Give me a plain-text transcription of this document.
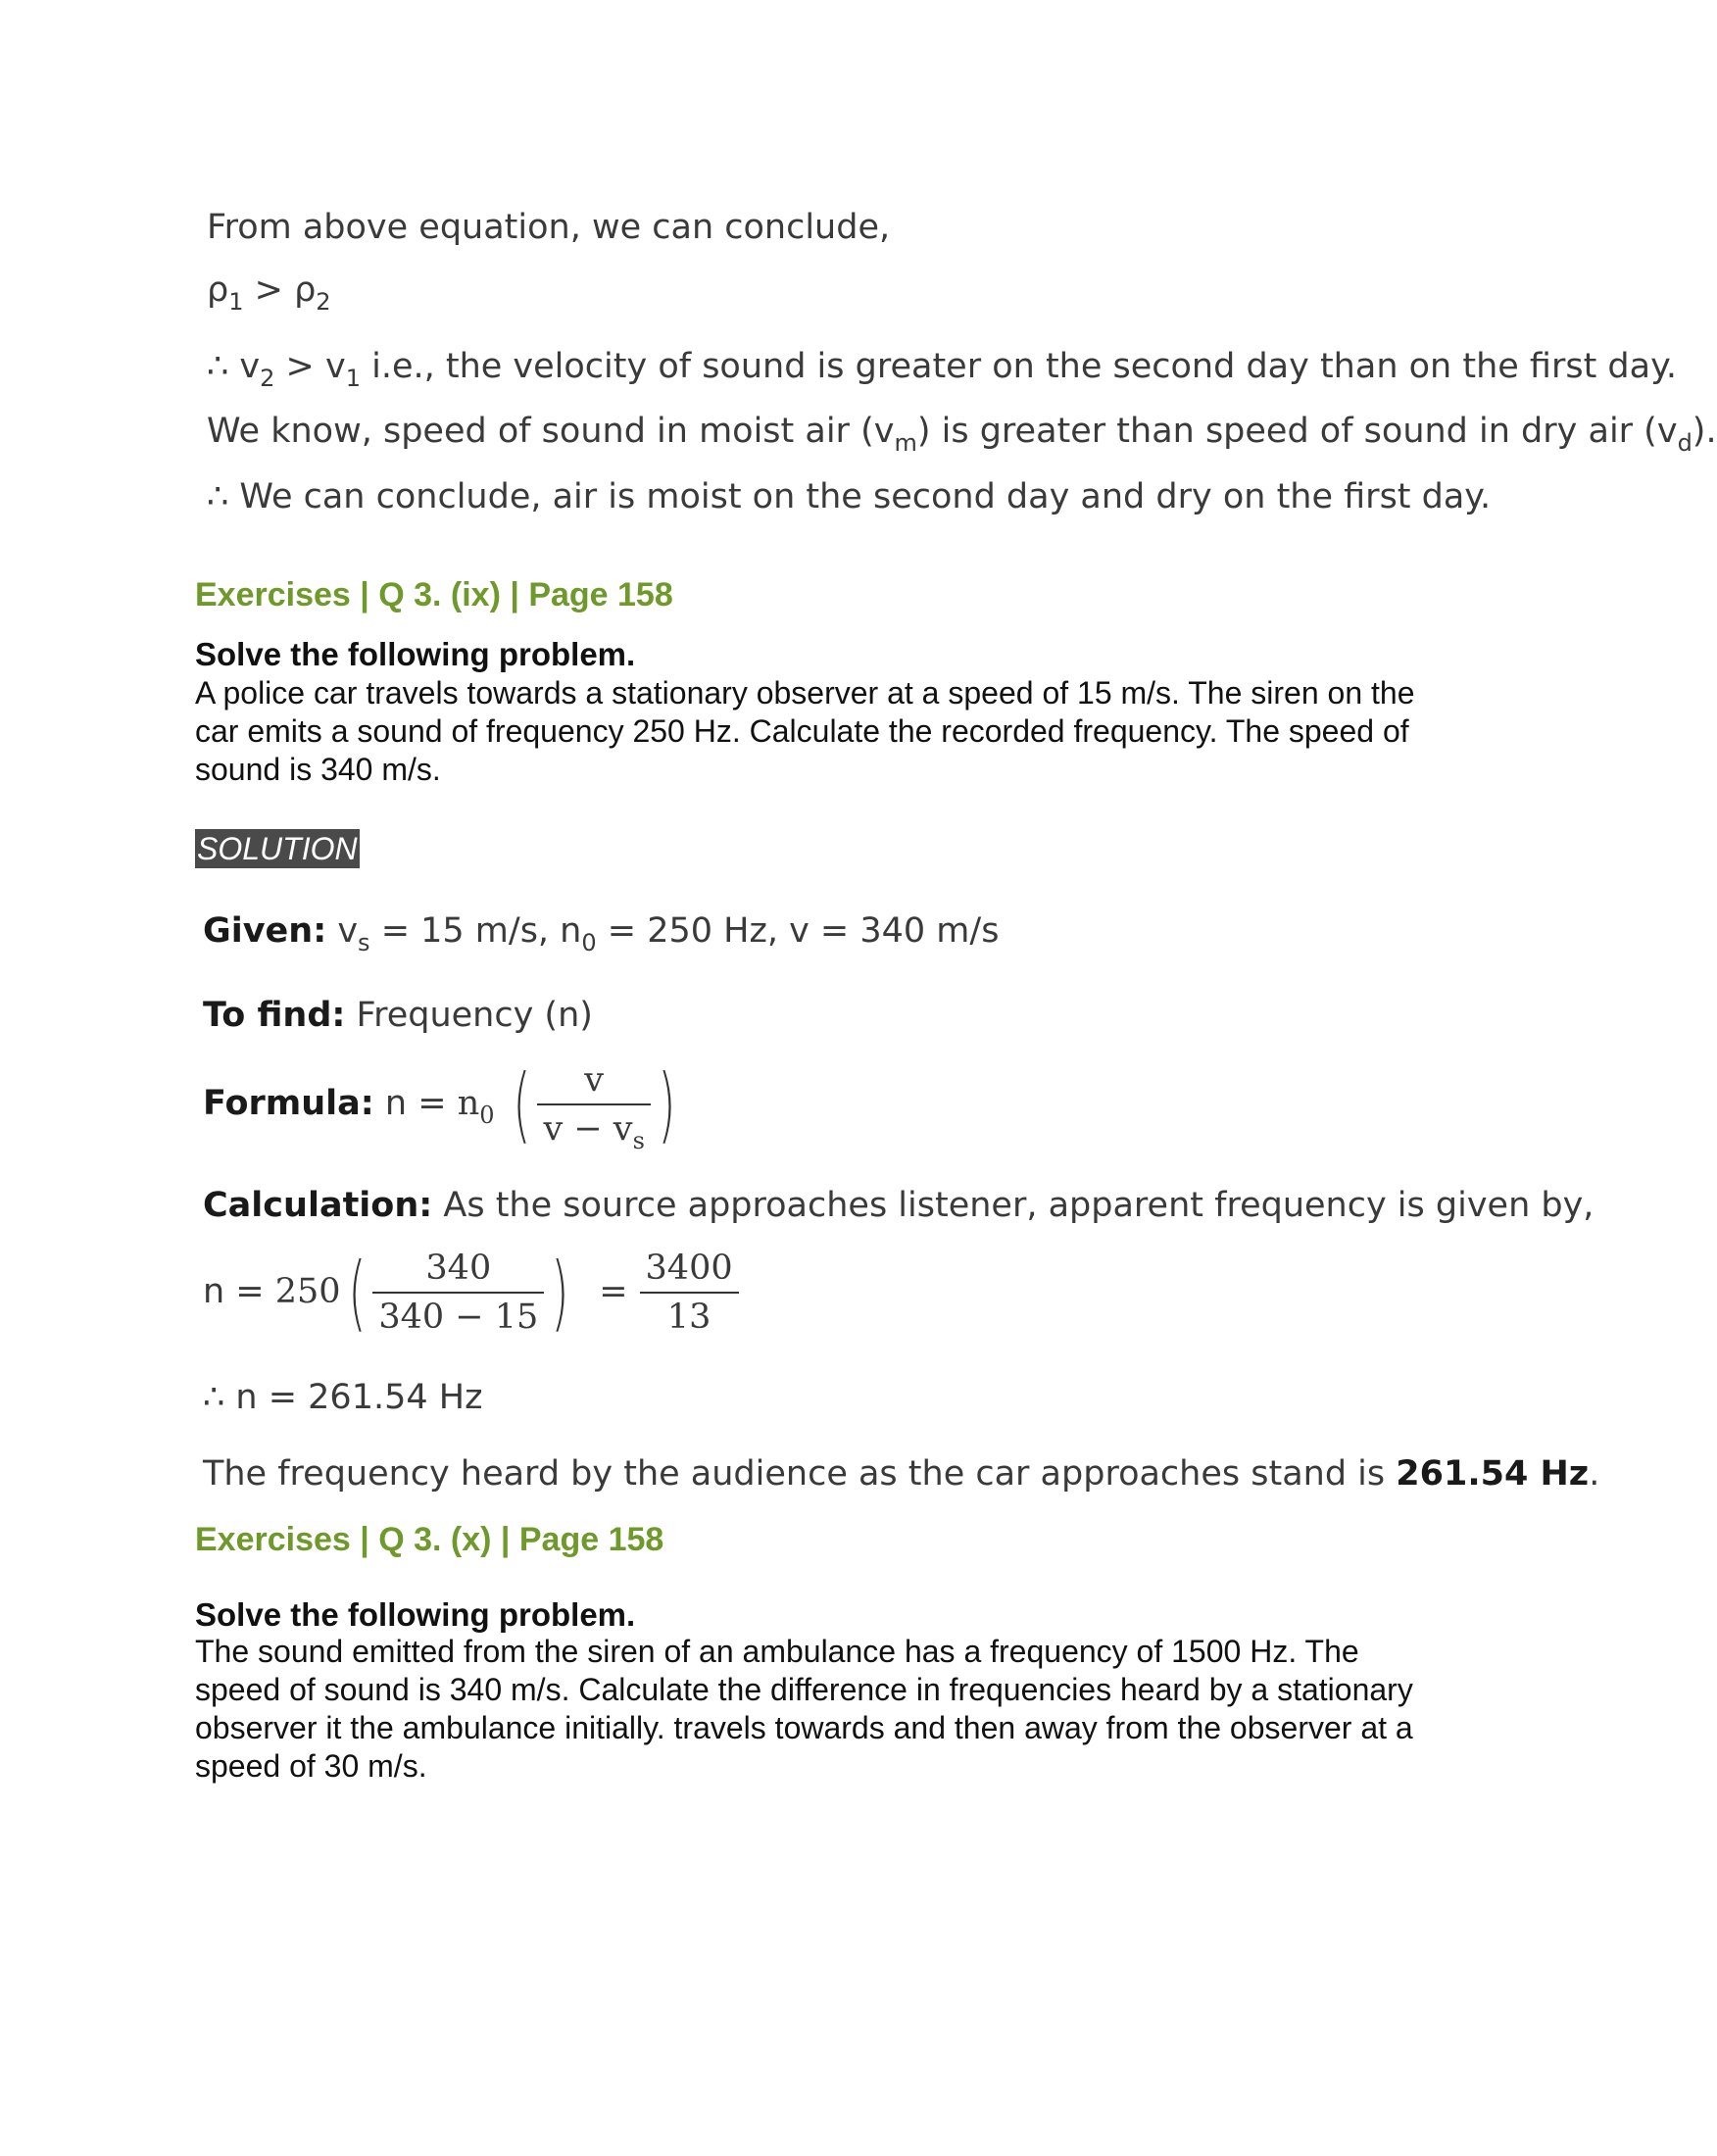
From above equation, we can conclude,
$\rho_1 > \rho_2$
∴ $v_2 > v_1$ i.e., the velocity of sound is greater on the second day than on the first day.
We know, speed of sound in moist air $(v_m)$ is greater than speed of sound in dry air $(v_d)$.
∴ We can conclude, air is moist on the second day and dry on the first day.
Exercises | Q 3. (ix) | Page 158
Solve the following problem.
A police car travels towards a stationary observer at a speed of 15 m/s. The siren on the
car emits a sound of frequency 250 Hz. Calculate the recorded frequency. The speed of
sound is 340 m/s.
SOLUTION
Given: $v_s = 15$ m/s, $n_0 = 250$ Hz, v = 340 m/s
To find: Frequency (n)
Formula: $n = n_0$ ( $\frac{v}{v - v_s}$ )
Calculation: As the source approaches listener, apparent frequency is given by,
$n = 250( \frac{340}{340 - 15}$ ) = $\frac{3400}{13}$
∴ n = 261.54 Hz
The frequency heard by the audience as the car approaches stand is 261.54 Hz.
Exercises | Q 3. (x) | Page 158
Solve the following problem.
The sound emitted from the siren of an ambulance has a frequency of 1500 Hz. The
speed of sound is 340 m/s. Calculate the difference in frequencies heard by a stationary
observer it the ambulance initially. travels towards and then away from the observer at a
speed of 30 m/s.
